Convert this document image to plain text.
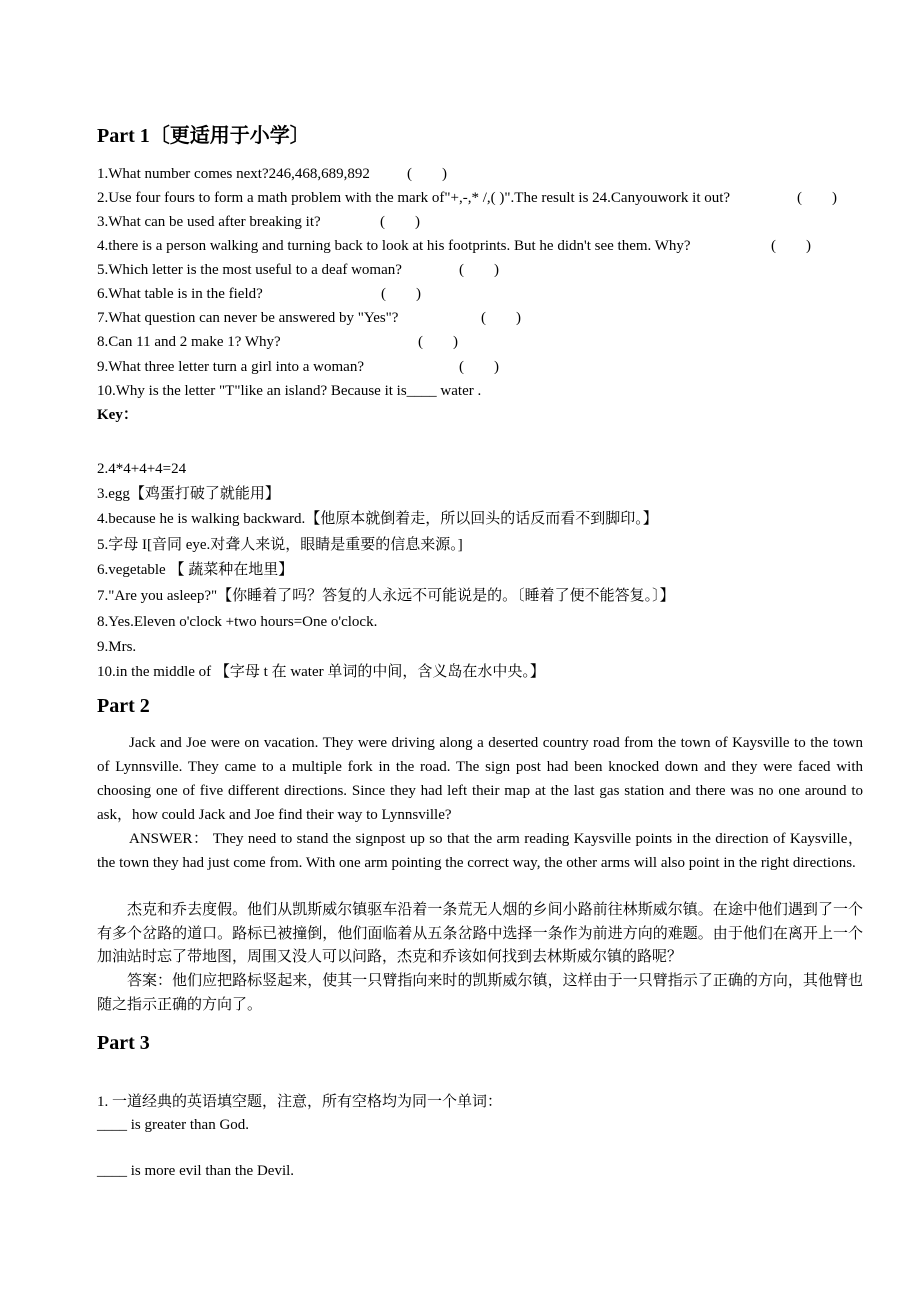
Part 1〔更适用于小学〕
1.What number comes next?246,468,689,892 (        )
2.Use four fours to form a math problem with the mark of"+,-,* /,( )".The result is 24.Canyouwork it out?	(        )
3.What can be used after breaking it?	(        )
4.there is a person walking and turning back to look at his footprints. But he didn't see them. Why?	(        )
5.Which letter is the most useful to a deaf woman?	(        )
6.What table is in the field?	(        )
7.What question can never be answered by "Yes"?	(        )
8.Can 11 and 2 make 1? Why?	(        )
9.What three letter turn a girl into a woman?	(        )
10.Why is the letter "T"like an island? Because it is____ water .
Key：
2.4*4+4+4=24
3.egg【鸡蛋打破了就能用】
4.because he is walking backward.【他原本就倒着走，所以回头的话反而看不到脚印。】
5.字母 I[音同 eye.对聋人来说，眼睛是重要的信息来源。]
6.vegetable 【 蔬菜种在地里】
7."Are you asleep?"【你睡着了吗？答复的人永远不可能说是的。〔睡着了便不能答复。〕】
8.Yes.Eleven o'clock +two hours=One o'clock.
9.Mrs.
10.in the middle of 【字母 t 在 water 单词的中间，含义岛在水中央。】
Part 2
Jack and Joe were on vacation. They were driving along a deserted country road from the town of Kaysville to the town of Lynnsville. They came to a multiple fork in the road. The sign post had been knocked down and they were faced with choosing one of five different directions. Since they had left their map at the last gas station and there was no one around to ask，how could Jack and Joe find their way to Lynnsville?
ANSWER： They need to stand the signpost up so that the arm reading Kaysville points in the direction of Kaysville，the town they had just come from. With one arm pointing the correct way, the other arms will also point in the right directions.
杰克和乔去度假。他们从凯斯威尔镇驱车沿着一条荒无人烟的乡间小路前往林斯威尔镇。在途中他们遇到了一个有多个岔路的道口。路标已被撞倒，他们面临着从五条岔路中选择一条作为前进方向的难题。由于他们在离开上一个加油站时忘了带地图，周围又没人可以问路，杰克和乔该如何找到去林斯威尔镇的路呢？
答案：他们应把路标竖起来，使其一只臂指向来时的凯斯威尔镇，这样由于一只臂指示了正确的方向，其他臂也随之指示正确的方向了。
Part 3
1. 一道经典的英语填空题，注意，所有空格均为同一个单词：
____ is greater than God.
____ is more evil than the Devil.
